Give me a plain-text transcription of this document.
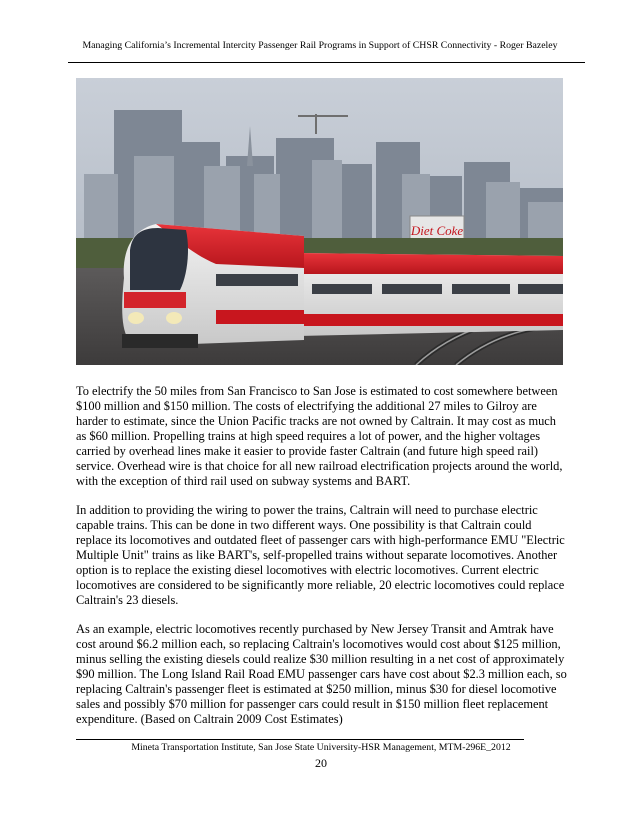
Managing California’s Incremental Intercity Passenger Rail Programs in Support of CHSR Connectivity - Roger Bazeley
Diet Coke

To electrify the 50 miles from San Francisco to San Jose is estimated to cost somewhere between $100 million and $150 million. The costs of electrifying the additional 27 miles to Gilroy are harder to estimate, since the Union Pacific tracks are not owned by Caltrain. It may cost as much as $60 million. Propelling trains at high speed requires a lot of power, and the higher voltages carried by overhead lines make it easier to provide faster Caltrain (and future high speed rail) service. Overhead wire is that choice for all new railroad electrification projects around the world, with the exception of third rail used on subway systems and BART.

In addition to providing the wiring to power the trains, Caltrain will need to purchase electric capable trains. This can be done in two different ways. One possibility is that Caltrain could replace its locomotives and outdated fleet of passenger cars with high-performance EMU "Electric Multiple Unit" trains as like BART's, self-propelled trains without separate locomotives. Another option is to replace the existing diesel locomotives with electric locomotives. Current electric locomotives are considered to be significantly more reliable, 20 electric locomotives could replace Caltrain's 23 diesels.

As an example, electric locomotives recently purchased by New Jersey Transit and Amtrak have cost around $6.2 million each, so replacing Caltrain's locomotives would cost about $125 million, minus selling the existing diesels could realize $30 million resulting in a net cost of approximately $90 million. The Long Island Rail Road EMU passenger cars have cost about $2.3 million each, so replacing Caltrain's passenger fleet is estimated at $250 million, minus $30 for diesel locomotive sales and possibly $70 million for passenger cars could result in $150 million fleet replacement expenditure. (Based on Caltrain 2009 Cost Estimates)

Mineta Transportation Institute, San Jose State University-HSR Management, MTM-296E_2012
20
